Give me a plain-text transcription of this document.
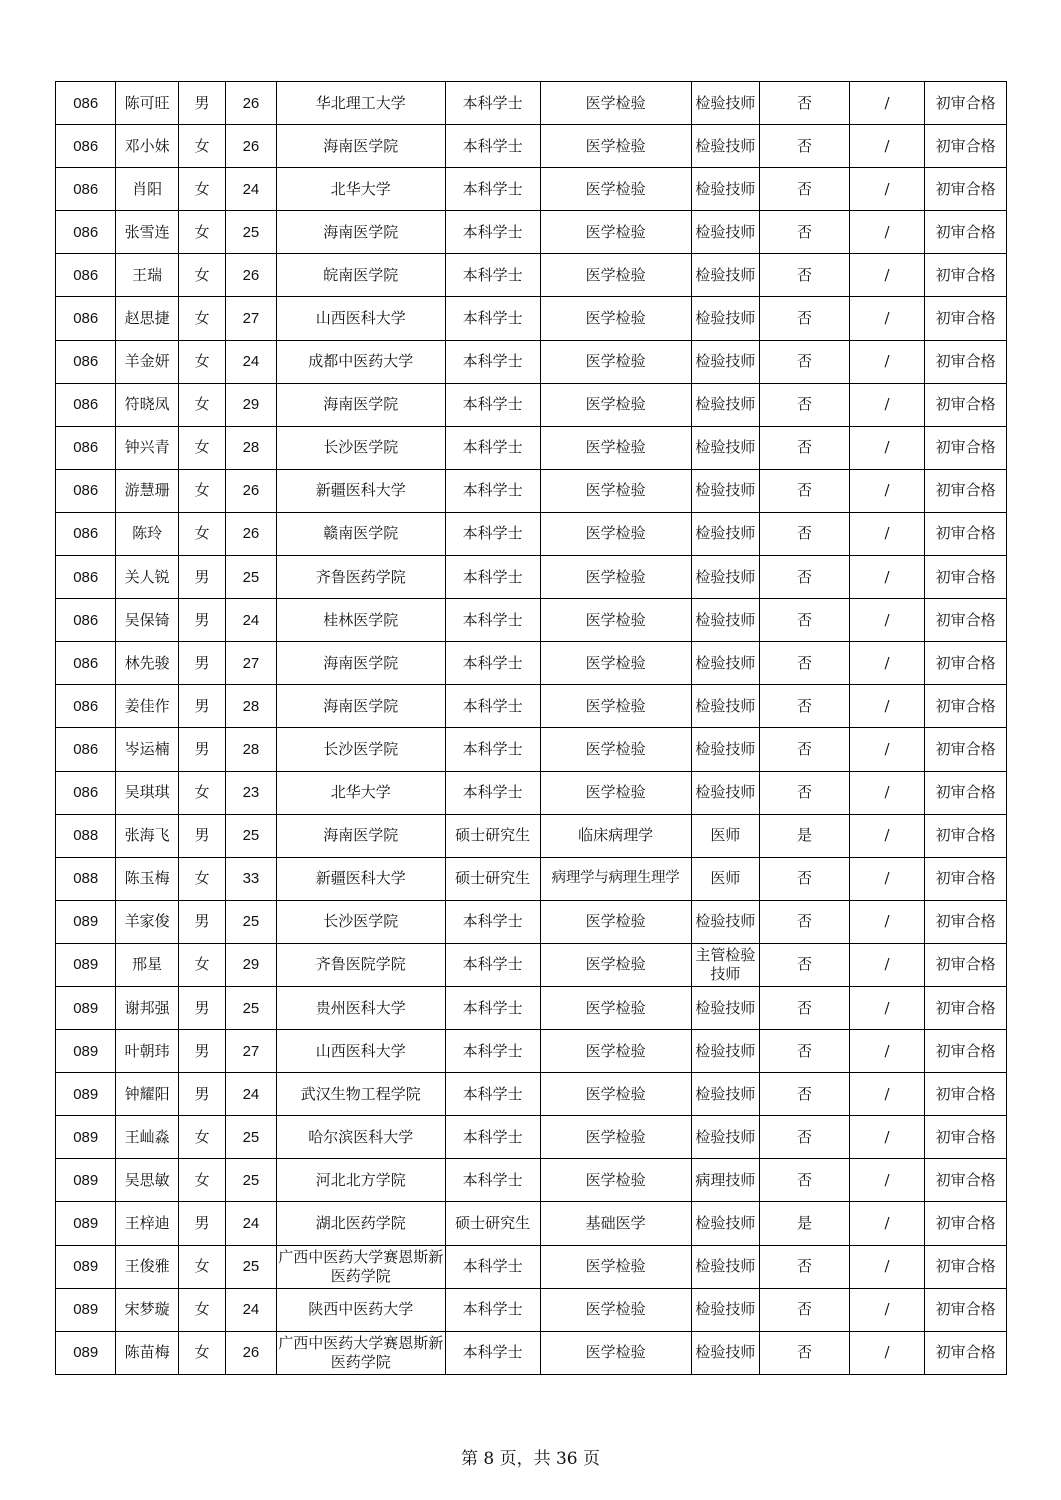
086	陈可旺	男	26	华北理工大学	本科学士	医学检验	检验技师	否	/	初审合格
086	邓小妹	女	26	海南医学院	本科学士	医学检验	检验技师	否	/	初审合格
086	肖阳	女	24	北华大学	本科学士	医学检验	检验技师	否	/	初审合格
086	张雪连	女	25	海南医学院	本科学士	医学检验	检验技师	否	/	初审合格
086	王瑞	女	26	皖南医学院	本科学士	医学检验	检验技师	否	/	初审合格
086	赵思捷	女	27	山西医科大学	本科学士	医学检验	检验技师	否	/	初审合格
086	羊金妍	女	24	成都中医药大学	本科学士	医学检验	检验技师	否	/	初审合格
086	符晓凤	女	29	海南医学院	本科学士	医学检验	检验技师	否	/	初审合格
086	钟兴青	女	28	长沙医学院	本科学士	医学检验	检验技师	否	/	初审合格
086	游慧珊	女	26	新疆医科大学	本科学士	医学检验	检验技师	否	/	初审合格
086	陈玲	女	26	赣南医学院	本科学士	医学检验	检验技师	否	/	初审合格
086	关人锐	男	25	齐鲁医药学院	本科学士	医学检验	检验技师	否	/	初审合格
086	吴保锜	男	24	桂林医学院	本科学士	医学检验	检验技师	否	/	初审合格
086	林先骏	男	27	海南医学院	本科学士	医学检验	检验技师	否	/	初审合格
086	姜佳作	男	28	海南医学院	本科学士	医学检验	检验技师	否	/	初审合格
086	岑运楠	男	28	长沙医学院	本科学士	医学检验	检验技师	否	/	初审合格
086	吴琪琪	女	23	北华大学	本科学士	医学检验	检验技师	否	/	初审合格
088	张海飞	男	25	海南医学院	硕士研究生	临床病理学	医师	是	/	初审合格
088	陈玉梅	女	33	新疆医科大学	硕士研究生	病理学与病理生理学	医师	否	/	初审合格
089	羊家俊	男	25	长沙医学院	本科学士	医学检验	检验技师	否	/	初审合格
089	邢星	女	29	齐鲁医院学院	本科学士	医学检验	主管检验技师	否	/	初审合格
089	谢邦强	男	25	贵州医科大学	本科学士	医学检验	检验技师	否	/	初审合格
089	叶朝玮	男	27	山西医科大学	本科学士	医学检验	检验技师	否	/	初审合格
089	钟耀阳	男	24	武汉生物工程学院	本科学士	医学检验	检验技师	否	/	初审合格
089	王屾淼	女	25	哈尔滨医科大学	本科学士	医学检验	检验技师	否	/	初审合格
089	吴思敏	女	25	河北北方学院	本科学士	医学检验	病理技师	否	/	初审合格
089	王梓迪	男	24	湖北医药学院	硕士研究生	基础医学	检验技师	是	/	初审合格
089	王俊雅	女	25	广西中医药大学赛恩斯新医药学院	本科学士	医学检验	检验技师	否	/	初审合格
089	宋梦璇	女	24	陕西中医药大学	本科学士	医学检验	检验技师	否	/	初审合格
089	陈苗梅	女	26	广西中医药大学赛恩斯新医药学院	本科学士	医学检验	检验技师	否	/	初审合格
第 8 页，共 36 页
